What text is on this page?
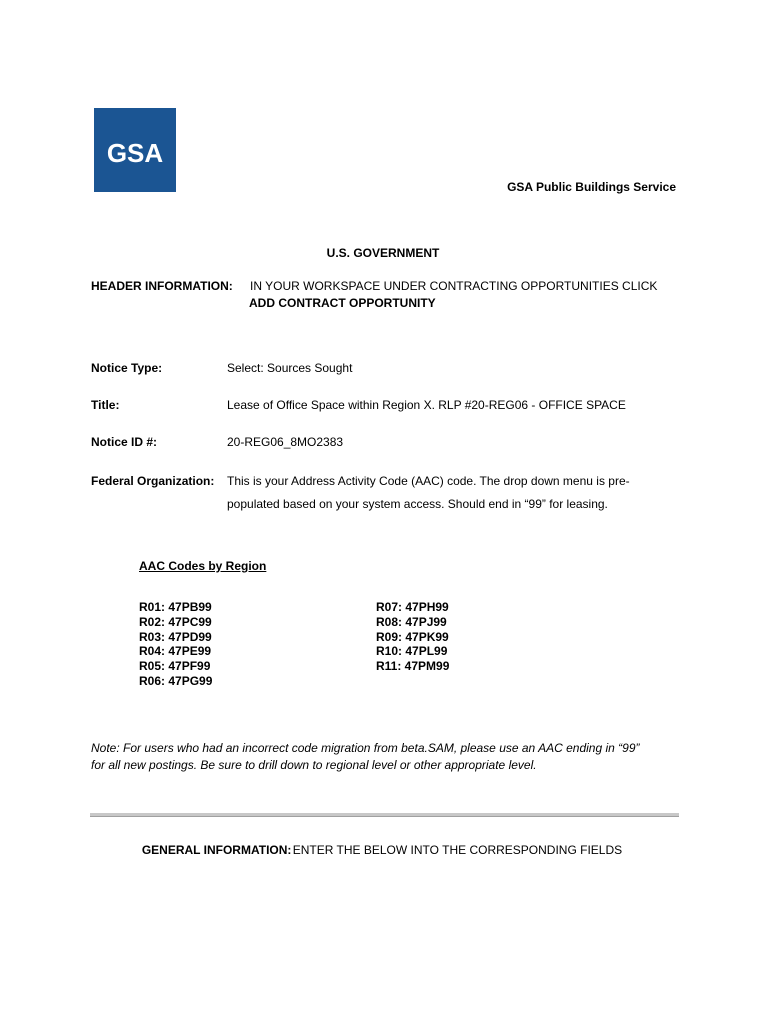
GSA
GSA Public Buildings Service
U.S. GOVERNMENT
HEADER INFORMATION: IN YOUR WORKSPACE UNDER CONTRACTING OPPORTUNITIES CLICK
ADD CONTRACT OPPORTUNITY
Notice Type:	Select: Sources Sought
Title:	Lease of Office Space within Region X. RLP #20-REG06 - OFFICE SPACE
Notice ID #:	20-REG06_8MO2383
Federal Organization: This is your Address Activity Code (AAC) code. The drop down menu is pre-
populated based on your system access. Should end in “99” for leasing.
AAC Codes by Region
R01: 47PB99
R02: 47PC99
R03: 47PD99
R04: 47PE99
R05: 47PF99
R06: 47PG99
R07: 47PH99
R08: 47PJ99
R09: 47PK99
R10: 47PL99
R11: 47PM99
Note: For users who had an incorrect code migration from beta.SAM, please use an AAC ending in “99”
for all new postings. Be sure to drill down to regional level or other appropriate level.
GENERAL INFORMATION: ENTER THE BELOW INTO THE CORRESPONDING FIELDS
